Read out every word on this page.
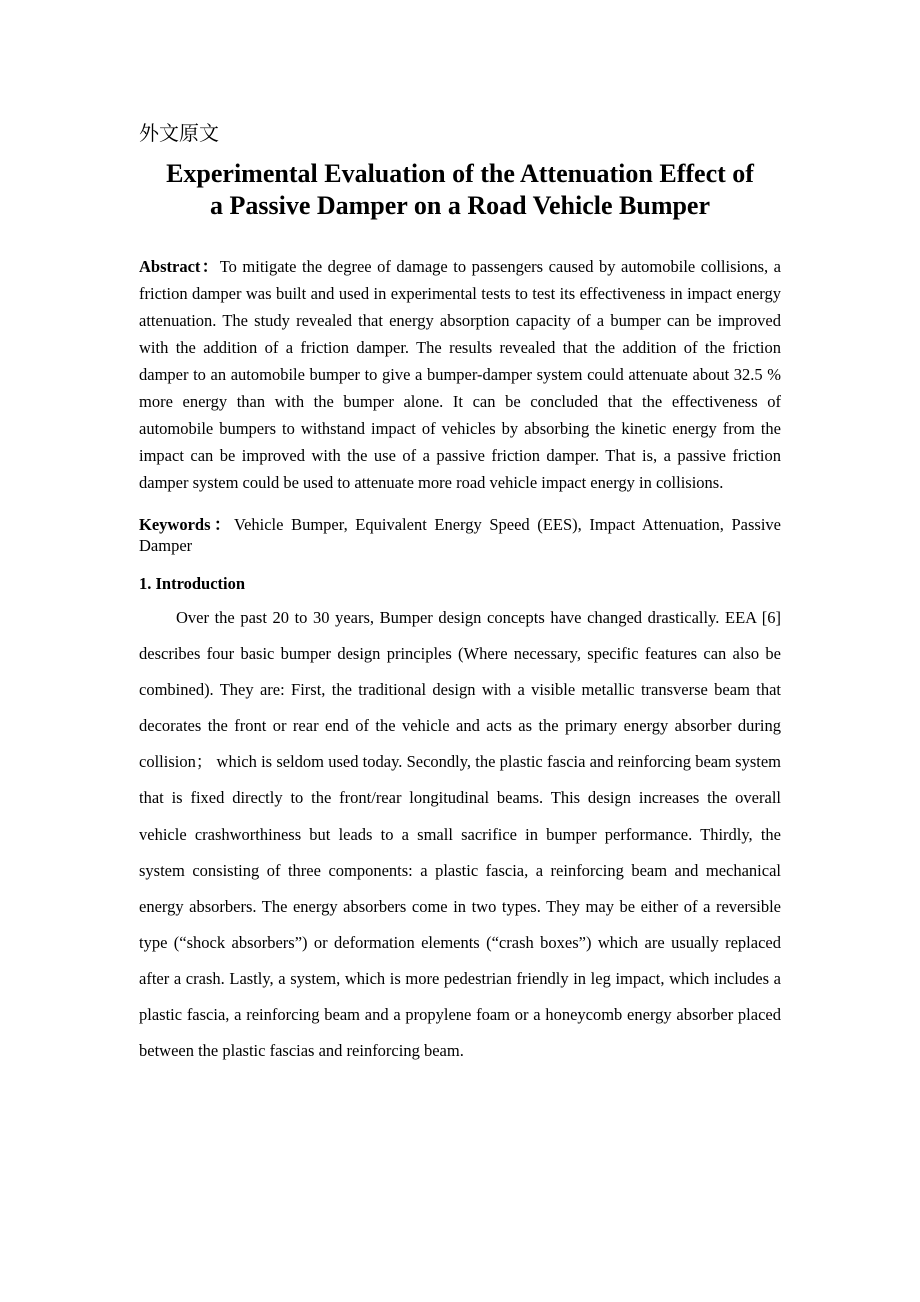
外文原文
Experimental Evaluation of the Attenuation Effect of
a Passive Damper on a Road Vehicle Bumper
Abstract：To mitigate the degree of damage to passengers caused by automobile collisions, a friction damper was built and used in experimental tests to test its effectiveness in impact energy attenuation. The study revealed that energy absorption capacity of a bumper can be improved with the addition of a friction damper. The results revealed that the addition of the friction damper to an automobile bumper to give a bumper-damper system could attenuate about 32.5 % more energy than with the bumper alone. It can be concluded that the effectiveness of automobile bumpers to withstand impact of vehicles by absorbing the kinetic energy from the impact can be improved with the use of a passive friction damper. That is, a passive friction damper system could be used to attenuate more road vehicle impact energy in collisions.
Keywords：Vehicle Bumper, Equivalent Energy Speed (EES), Impact Attenuation, Passive Damper
1. Introduction
Over the past 20 to 30 years, Bumper design concepts have changed drastically. EEA [6] describes four basic bumper design principles (Where necessary, specific features can also be combined). They are: First, the traditional design with a visible metallic transverse beam that decorates the front or rear end of the vehicle and acts as the primary energy absorber during collision； which is seldom used today. Secondly, the plastic fascia and reinforcing beam system that is fixed directly to the front/rear longitudinal beams. This design increases the overall vehicle crashworthiness but leads to a small sacrifice in bumper performance. Thirdly, the system consisting of three components: a plastic fascia, a reinforcing beam and mechanical energy absorbers. The energy absorbers come in two types. They may be either of a reversible type (“shock absorbers”) or deformation elements (“crash boxes”) which are usually replaced after a crash. Lastly, a system, which is more pedestrian friendly in leg impact, which includes a plastic fascia, a reinforcing beam and a propylene foam or a honeycomb energy absorber placed between the plastic fascias and reinforcing beam.
